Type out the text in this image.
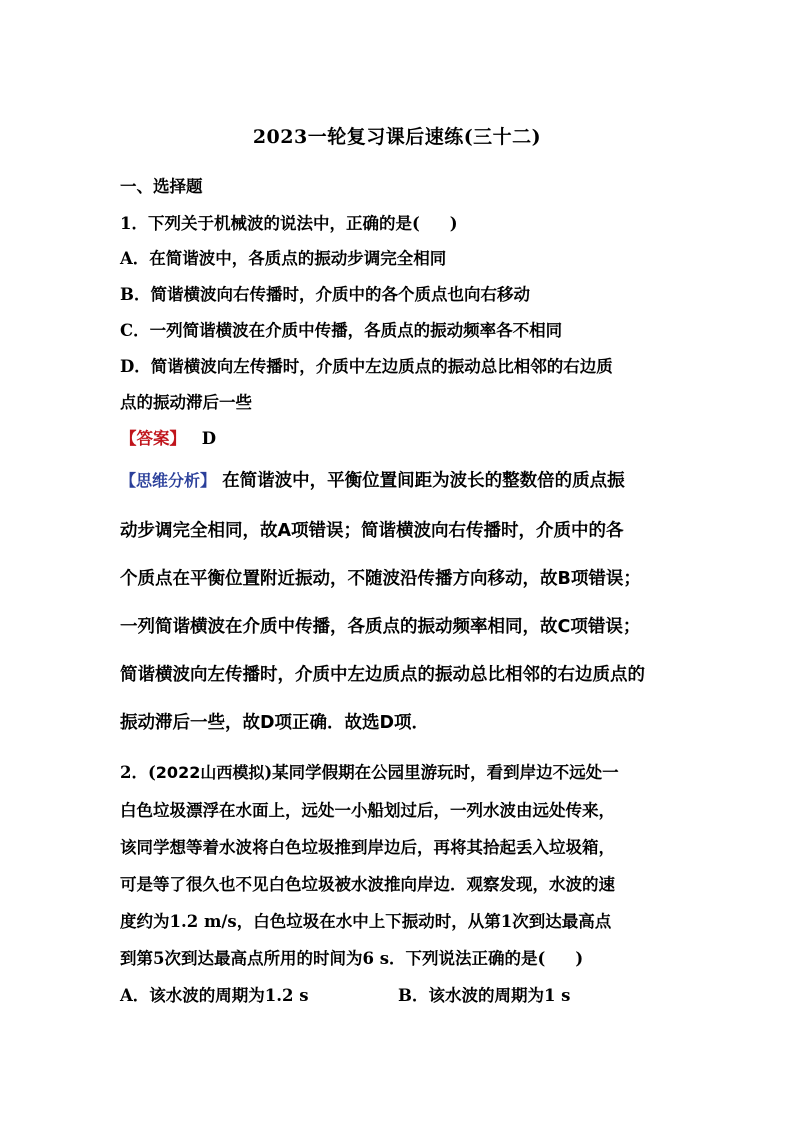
2023一轮复习课后速练(三十二)
一、选择题
1．下列关于机械波的说法中，正确的是( )
A．在简谐波中，各质点的振动步调完全相同
B．简谐横波向右传播时，介质中的各个质点也向右移动
C．一列简谐横波在介质中传播，各质点的振动频率各不相同
D．简谐横波向左传播时，介质中左边质点的振动总比相邻的右边质
点的振动滞后一些
【答案】 D
【思维分析】 在简谐波中，平衡位置间距为波长的整数倍的质点振
动步调完全相同，故A项错误；简谐横波向右传播时，介质中的各
个质点在平衡位置附近振动，不随波沿传播方向移动，故B项错误；
一列简谐横波在介质中传播，各质点的振动频率相同，故C项错误；
简谐横波向左传播时，介质中左边质点的振动总比相邻的右边质点的
振动滞后一些，故D项正确．故选D项．
2．(2022山西模拟)某同学假期在公园里游玩时，看到岸边不远处一
白色垃圾漂浮在水面上，远处一小船划过后，一列水波由远处传来，
该同学想等着水波将白色垃圾推到岸边后，再将其拾起丢入垃圾箱，
可是等了很久也不见白色垃圾被水波推向岸边．观察发现，水波的速
度约为1.2 m/s，白色垃圾在水中上下振动时，从第1次到达最高点
到第5次到达最高点所用的时间为6 s．下列说法正确的是( )
A．该水波的周期为1.2 s	B．该水波的周期为1 s
